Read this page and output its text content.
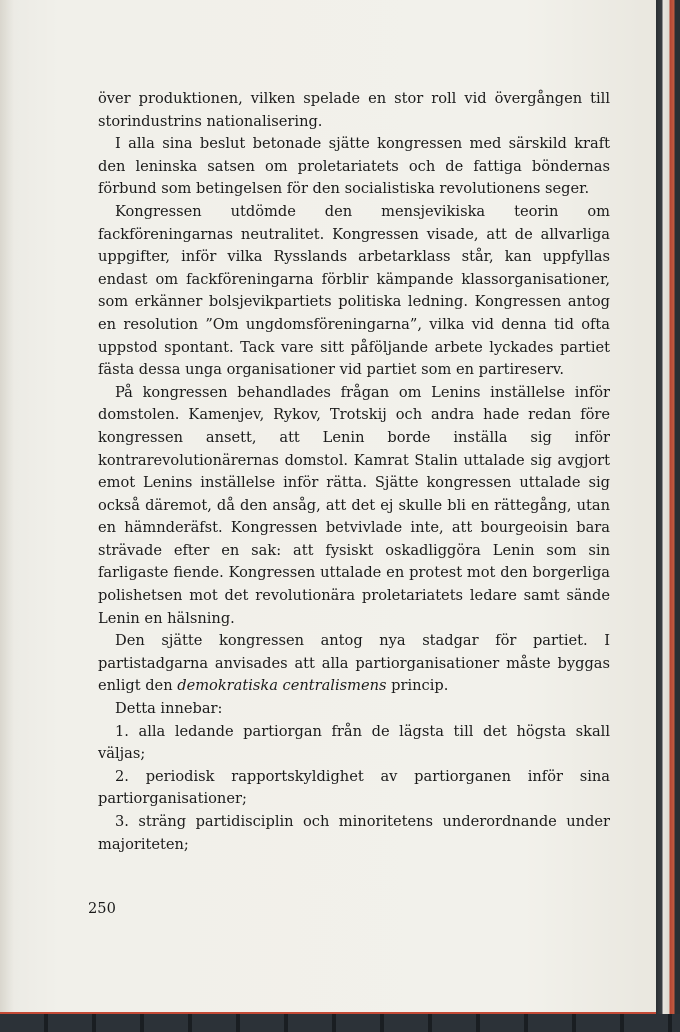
över produktionen, vilken spelade en stor roll vid övergången till storindustrins nationalisering.

I alla sina beslut betonade sjätte kongressen med särskild kraft den leninska satsen om proletariatets och de fattiga böndernas förbund som betingelsen för den socialistiska revolutionens seger.

Kongressen utdömde den mensjevikiska teorin om fackföreningarnas neutralitet. Kongressen visade, att de allvarliga uppgifter, inför vilka Rysslands arbetarklass står, kan uppfyllas endast om fackföreningarna förblir kämpande klassorganisationer, som erkänner bolsjevikpartiets politiska ledning. Kongressen antog en resolution ”Om ungdomsföreningarna”, vilka vid denna tid ofta uppstod spontant. Tack vare sitt påföljande arbete lyckades partiet fästa dessa unga organisationer vid partiet som en partireserv.

På kongressen behandlades frågan om Lenins inställelse inför domstolen. Kamenjev, Rykov, Trotskij och andra hade redan före kongressen ansett, att Lenin borde inställa sig inför kontrarevolutionärernas domstol. Kamrat Stalin uttalade sig avgjort emot Lenins inställelse inför rätta. Sjätte kongressen uttalade sig också däremot, då den ansåg, att det ej skulle bli en rättegång, utan en hämnderäfst. Kongressen betvivlade inte, att bourgeoisin bara strävade efter en sak: att fysiskt oskadliggöra Lenin som sin farligaste fiende. Kongressen uttalade en protest mot den borgerliga polishetsen mot det revolutionära proletariatets ledare samt sände Lenin en hälsning.

Den sjätte kongressen antog nya stadgar för partiet. I partistadgarna anvisades att alla partiorganisationer måste byggas enligt den demokratiska centralismens princip.

Detta innebar:

1. alla ledande partiorgan från de lägsta till det högsta skall väljas;

2. periodisk rapportskyldighet av partiorganen inför sina partiorganisationer;

3. sträng partidisciplin och minoritetens underordnande under majoriteten;

250
